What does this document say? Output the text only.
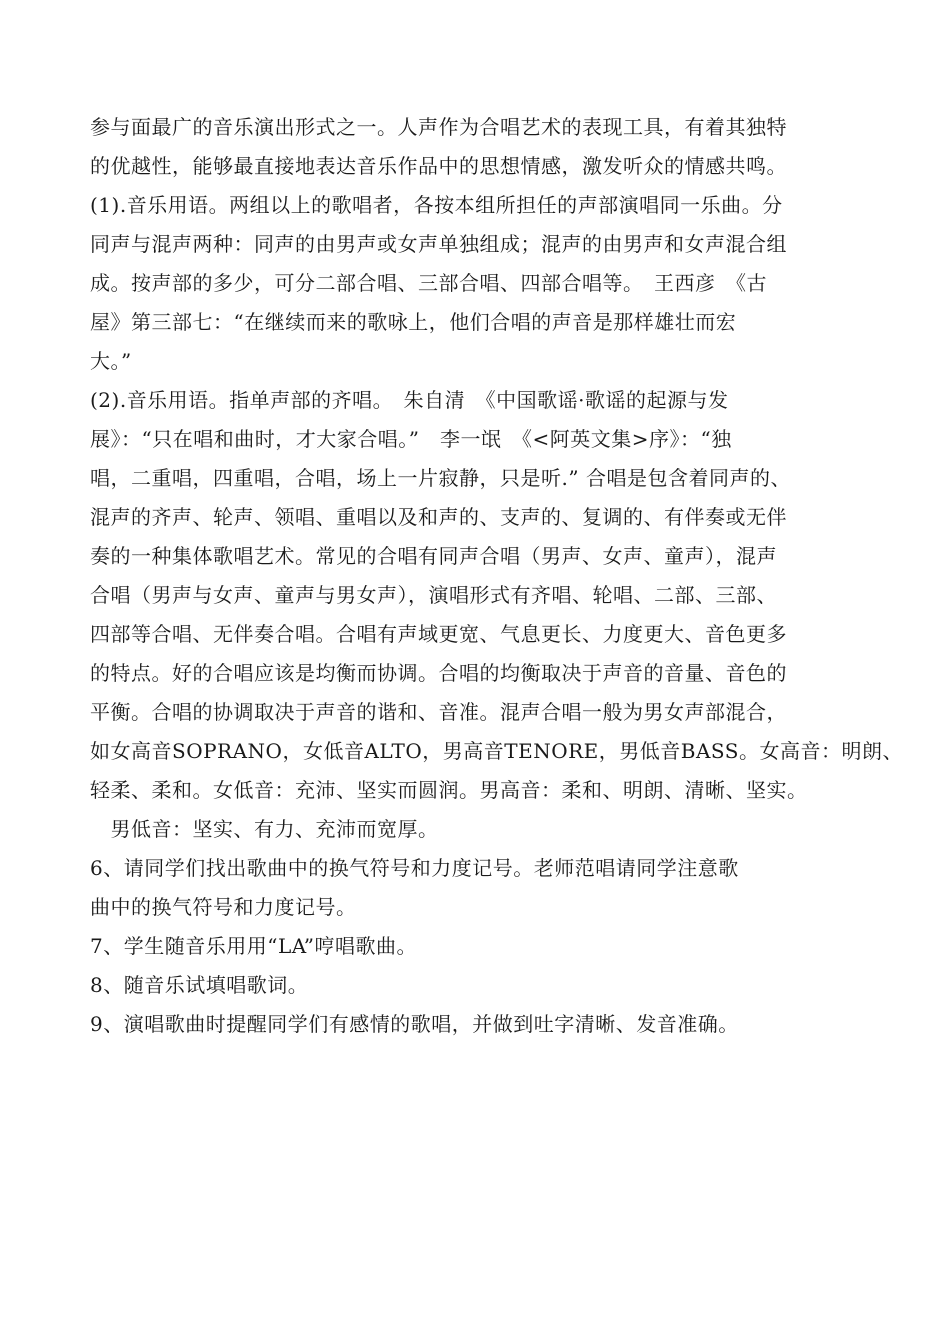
参与面最广的音乐演出形式之一。人声作为合唱艺术的表现工具，有着其独特
的优越性，能够最直接地表达音乐作品中的思想情感，激发听众的情感共鸣。
(1).音乐用语。两组以上的歌唱者，各按本组所担任的声部演唱同一乐曲。分
同声与混声两种：同声的由男声或女声单独组成；混声的由男声和女声混合组
成。按声部的多少，可分二部合唱、三部合唱、四部合唱等。　王西彦　《古
屋》第三部七：“在继续而来的歌咏上，他们合唱的声音是那样雄壮而宏
大。”
(2).音乐用语。指单声部的齐唱。　朱自清　《中国歌谣·歌谣的起源与发
展》：“只在唱和曲时，才大家合唱。”　李一氓　《<阿英文集>序》：“独
唱，二重唱，四重唱，合唱，场上一片寂静，只是听.” 合唱是包含着同声的、
混声的齐声、轮声、领唱、重唱以及和声的、支声的、复调的、有伴奏或无伴
奏的一种集体歌唱艺术。常见的合唱有同声合唱（男声、女声、童声），混声
合唱（男声与女声、童声与男女声），演唱形式有齐唱、轮唱、二部、三部、
四部等合唱、无伴奏合唱。合唱有声域更宽、气息更长、力度更大、音色更多
的特点。好的合唱应该是均衡而协调。合唱的均衡取决于声音的音量、音色的
平衡。合唱的协调取决于声音的谐和、音准。混声合唱一般为男女声部混合，
如女高音SOPRANO，女低音ALTO，男高音TENORE，男低音BASS。女高音：明朗、
轻柔、柔和。女低音：充沛、坚实而圆润。男高音：柔和、明朗、清晰、坚实。
　男低音：坚实、有力、充沛而宽厚。
6、请同学们找出歌曲中的换气符号和力度记号。老师范唱请同学注意歌
曲中的换气符号和力度记号。
7、学生随音乐用用“LA”哼唱歌曲。
8、随音乐试填唱歌词。
9、演唱歌曲时提醒同学们有感情的歌唱，并做到吐字清晰、发音准确。
